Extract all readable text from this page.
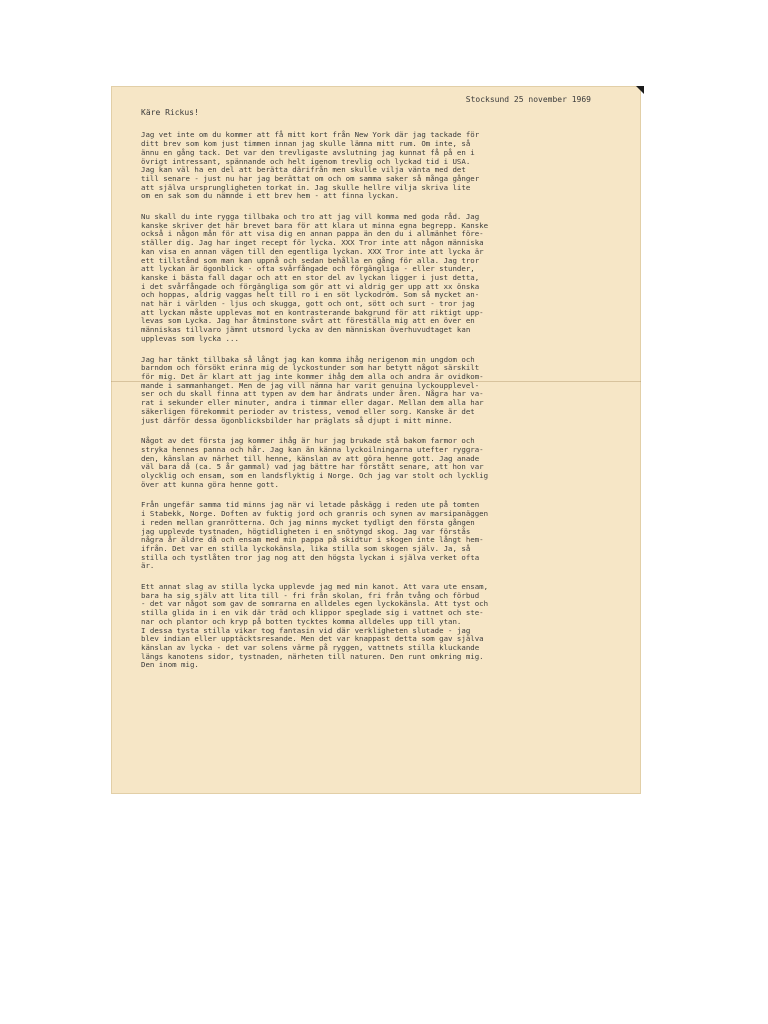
Stocksund 25 november 1969
Käre Rickus!

Jag vet inte om du kommer att få mitt kort från New York där jag tackade för
ditt brev som kom just timmen innan jag skulle lämna mitt rum. Om inte, så
ännu en gång tack. Det var den trevligaste avslutning jag kunnat få på en i
övrigt intressant, spännande och helt igenom trevlig och lyckad tid i USA.
Jag kan väl ha en del att berätta därifrån men skulle vilja vänta med det
till senare - just nu har jag berättat om och om samma saker så många gånger
att själva ursprungligheten torkat in. Jag skulle hellre vilja skriva lite
om en sak som du nämnde i ett brev hem - att finna lyckan.

Nu skall du inte rygga tillbaka och tro att jag vill komma med goda råd. Jag
kanske skriver det här brevet bara för att klara ut minna egna begrepp. Kanske
också i någon mån för att visa dig en annan pappa än den du i allmänhet före-
ställer dig. Jag har inget recept för lycka. XXX Tror inte att någon människa
kan visa en annan vägen till den egentliga lyckan. XXX Tror inte att lycka är
ett tillstånd som man kan uppnå och sedan behålla en gång för alla. Jag tror
att lyckan är ögonblick - ofta svårfångade och förgängliga - eller stunder,
kanske i bästa fall dagar och att en stor del av lyckan ligger i just detta,
i det svårfångade och förgängliga som gör att vi aldrig ger upp att xx önska
och hoppas, aldrig vaggas helt till ro i en söt lyckodröm. Som så mycket an-
nat här i världen - ljus och skugga, gott och ont, sött och surt - tror jag
att lyckan måste upplevas mot en kontrasterande bakgrund för att riktigt upp-
levas som Lycka. Jag har åtminstone svårt att föreställa mig att en över en
människas tillvaro jämnt utsmord lycka av den människan överhuvudtaget kan
upplevas som lycka ...

Jag har tänkt tillbaka så långt jag kan komma ihåg nerigenom min ungdom och
barndom och försökt erinra mig de lyckostunder som har betytt något särskilt
för mig. Det är klart att jag inte kommer ihåg dem alla och andra är ovidkom-
mande i sammanhanget. Men de jag vill nämna har varit genuina lyckoupplevel-
ser och du skall finna att typen av dem har ändrats under åren. Några har va-
rat i sekunder eller minuter, andra i timmar eller dagar. Mellan dem alla har
säkerligen förekommit perioder av tristess, vemod eller sorg. Kanske är det
just därför dessa ögonblicksbilder har präglats så djupt i mitt minne.

Något av det första jag kommer ihåg är hur jag brukade stå bakom farmor och
stryka hennes panna och hår. Jag kan än känna lyckoilningarna utefter ryggra-
den, känslan av närhet till henne, känslan av att göra henne gott. Jag anade
väl bara då (ca. 5 år gammal) vad jag bättre har förstått senare, att hon var
olycklig och ensam, som en landsflyktig i Norge. Och jag var stolt och lycklig
över att kunna göra henne gott.

Från ungefär samma tid minns jag när vi letade påskägg i reden ute på tomten
i Stabekk, Norge. Doften av fuktig jord och granris och synen av marsipanäggen
i reden mellan granrötterna. Och jag minns mycket tydligt den första gången
jag upplevde tystnaden, högtidligheten i en snötyngd skog. Jag var förstås
några år äldre då och ensam med min pappa på skidtur i skogen inte långt hem-
ifrån. Det var en stilla lyckokänsla, lika stilla som skogen själv. Ja, så
stilla och tystlåten tror jag nog att den högsta lyckan i själva verket ofta
är.

Ett annat slag av stilla lycka upplevde jag med min kanot. Att vara ute ensam,
bara ha sig själv att lita till - fri från skolan, fri från tvång och förbud
- det var något som gav de somrarna en alldeles egen lyckokänsla. Att tyst och
stilla glida in i en vik där träd och klippor speglade sig i vattnet och ste-
nar och plantor och kryp på botten tycktes komma alldeles upp till ytan.
I dessa tysta stilla vikar tog fantasin vid där verkligheten slutade - jag
blev indian eller upptäcktsresande. Men det var knappast detta som gav själva
känslan av lycka - det var solens värme på ryggen, vattnets stilla kluckande
längs kanotens sidor, tystnaden, närheten till naturen. Den runt omkring mig.
Den inom mig.
